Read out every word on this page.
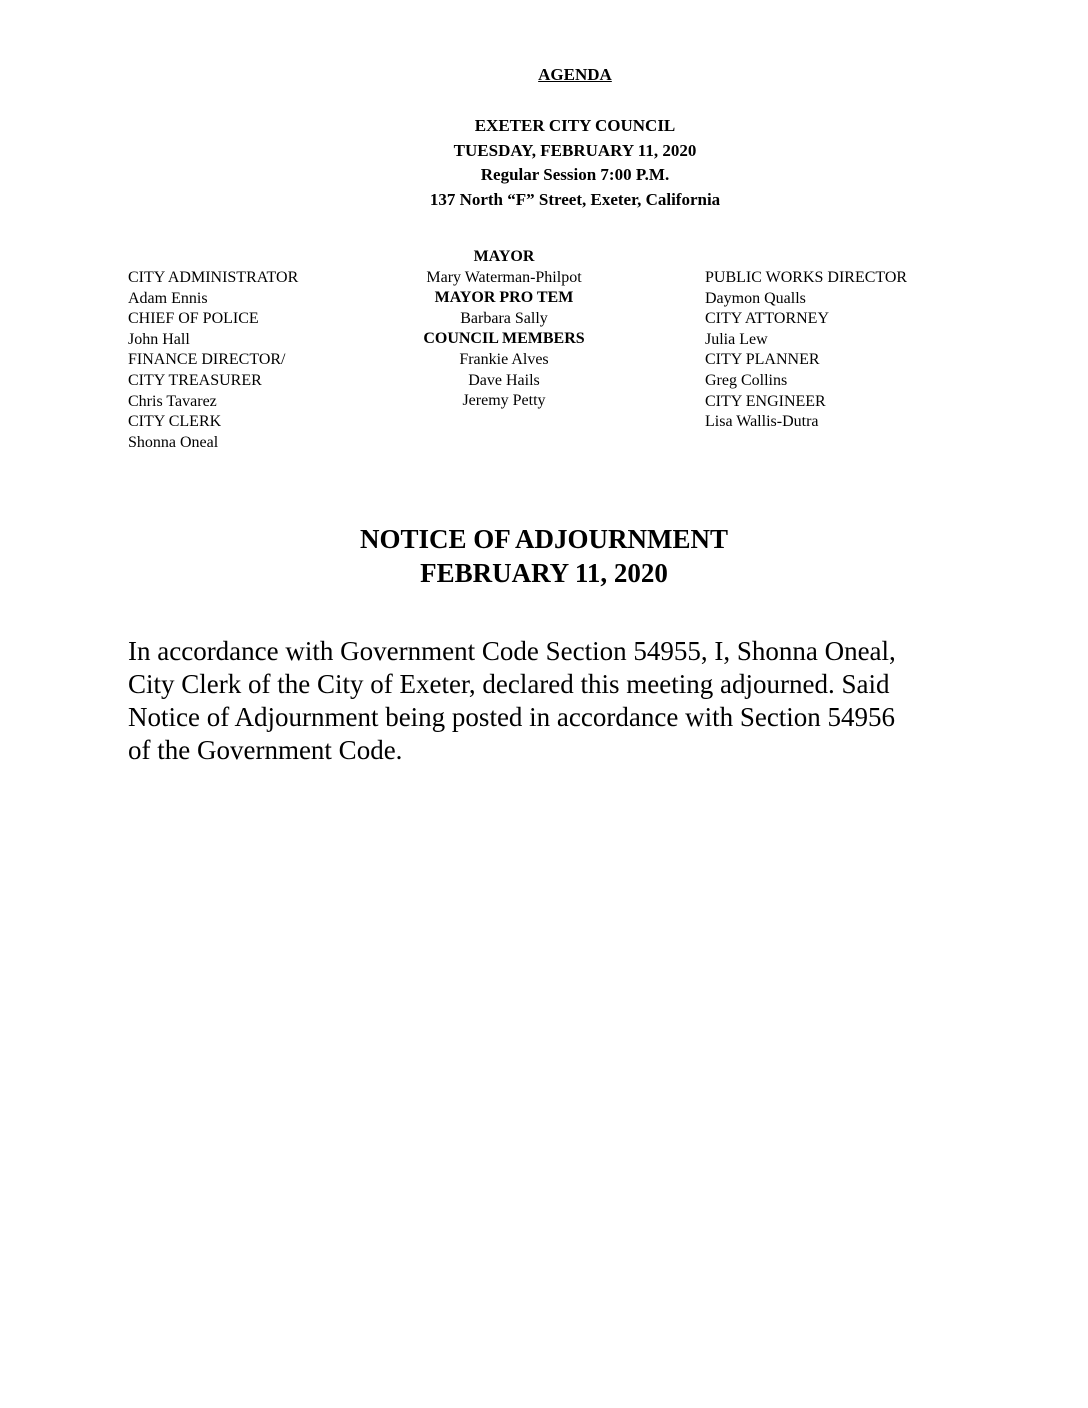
AGENDA
EXETER CITY COUNCIL
TUESDAY, FEBRUARY 11, 2020
Regular Session 7:00 P.M.
137 North “F” Street, Exeter, California
CITY ADMINISTRATOR
Adam Ennis
CHIEF OF POLICE
John Hall
FINANCE DIRECTOR/
CITY TREASURER
Chris Tavarez
CITY CLERK
Shonna Oneal
MAYOR
Mary Waterman-Philpot
MAYOR PRO TEM
Barbara Sally
COUNCIL MEMBERS
Frankie Alves
Dave Hails
Jeremy Petty
PUBLIC WORKS DIRECTOR
Daymon Qualls
CITY ATTORNEY
Julia Lew
CITY PLANNER
Greg Collins
CITY ENGINEER
Lisa Wallis-Dutra
NOTICE OF ADJOURNMENT
FEBRUARY 11, 2020
In accordance with Government Code Section 54955, I, Shonna Oneal,
City Clerk of the City of Exeter, declared this meeting adjourned. Said
Notice of Adjournment being posted in accordance with Section 54956
of the Government Code.
